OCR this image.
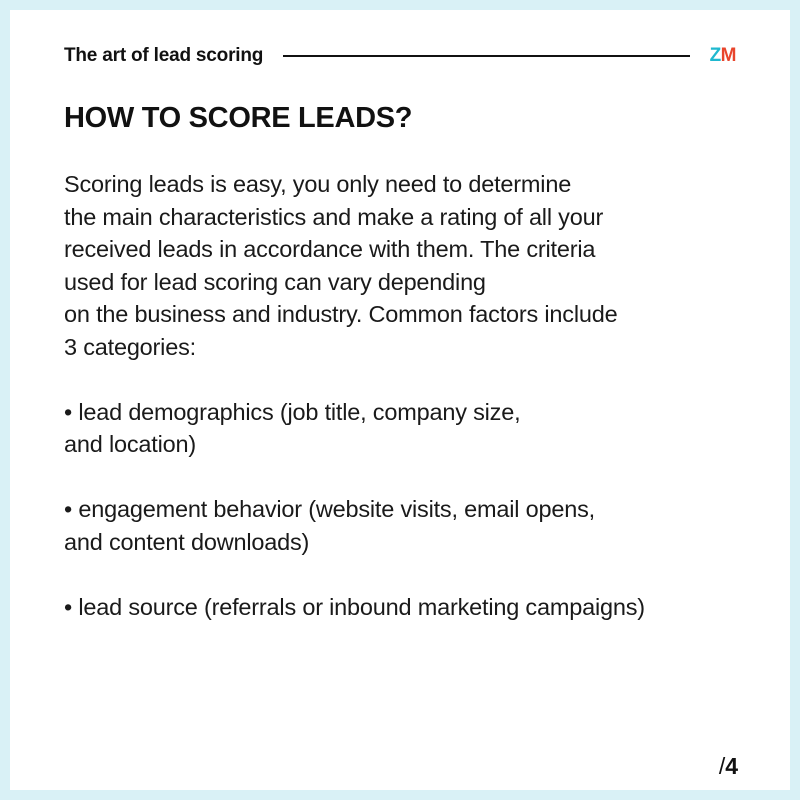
The art of lead scoring	Z M
HOW TO SCORE LEADS?
Scoring leads is easy, you only need to determine
the main characteristics and make a rating of all your
received leads in accordance with them. The criteria
used for lead scoring can vary depending
on the business and industry. Common factors include
3 categories:
• lead demographics (job title, company size,
and location)
• engagement behavior (website visits, email opens,
and content downloads)
• lead source (referrals or inbound marketing campaigns)
/4
